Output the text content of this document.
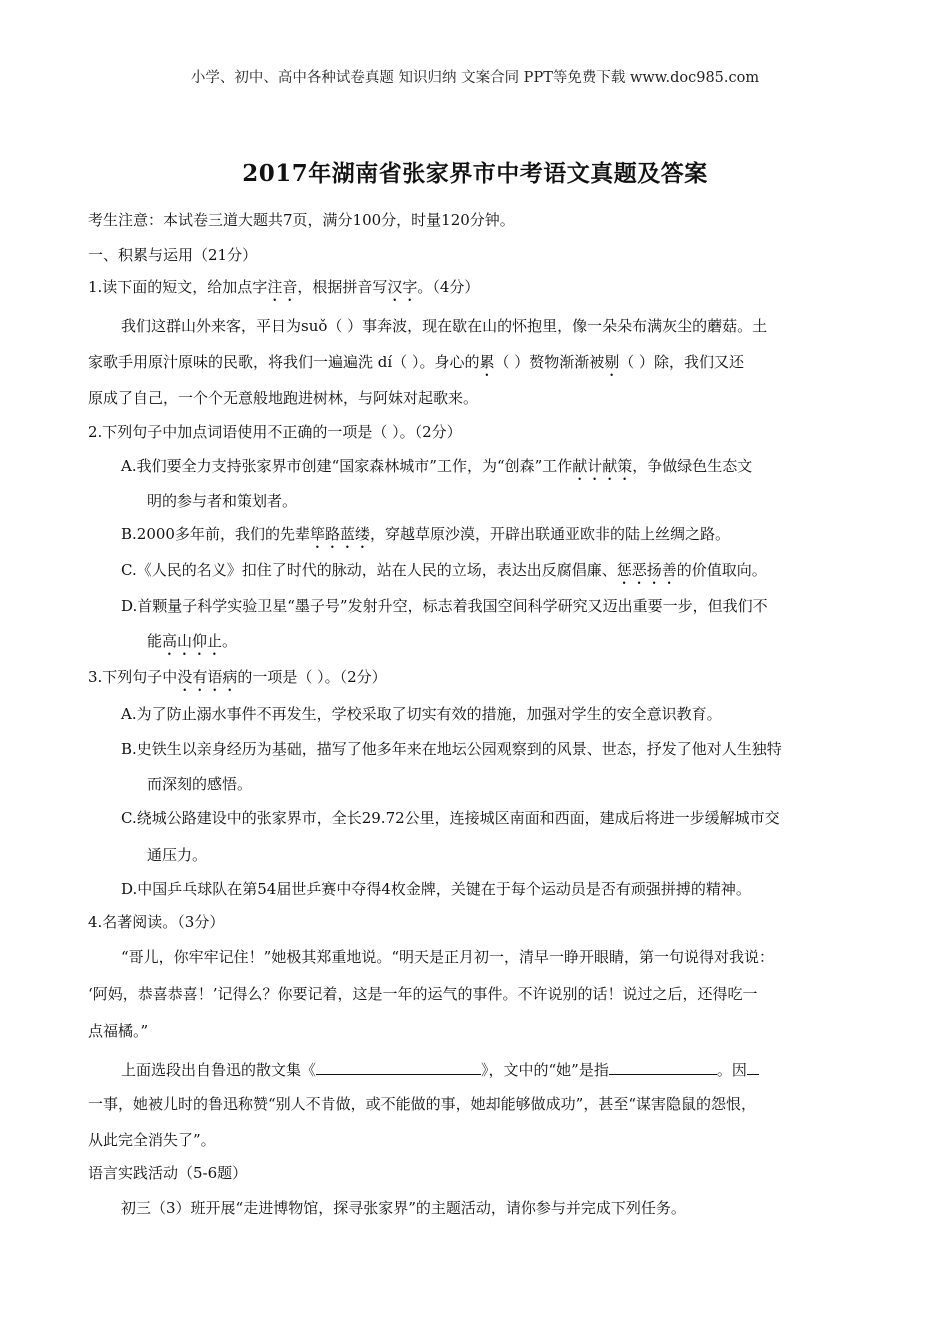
小学、初中、高中各种试卷真题 知识归纳 文案合同 PPT等免费下载 www.doc985.com
2017年湖南省张家界市中考语文真题及答案
考生注意：本试卷三道大题共7页，满分100分，时量120分钟。
一、积累与运用（21分）
1.读下面的短文，给加点字注音，根据拼音写汉字。（4分）
我们这群山外来客，平日为suǒ（ ）事奔波，现在歇在山的怀抱里，像一朵朵布满灰尘的蘑菇。土
家歌手用原汁原味的民歌，将我们一遍遍洗 dí（ ）。身心的累（ ）赘物渐渐被剔（ ）除，我们又还
原成了自己，一个个无意般地跑进树林，与阿妹对起歌来。
2.下列句子中加点词语使用不正确的一项是（ ）。（2分）
A.我们要全力支持张家界市创建“国家森林城市”工作，为“创森”工作献计献策，争做绿色生态文
明的参与者和策划者。
B.2000多年前，我们的先辈筚路蓝缕，穿越草原沙漠，开辟出联通亚欧非的陆上丝绸之路。
C.《人民的名义》扣住了时代的脉动，站在人民的立场，表达出反腐倡廉、惩恶扬善的价值取向。
D.首颗量子科学实验卫星“墨子号”发射升空，标志着我国空间科学研究又迈出重要一步，但我们不
能高山仰止。
3.下列句子中没有语病的一项是（ ）。（2分）
A.为了防止溺水事件不再发生，学校采取了切实有效的措施，加强对学生的安全意识教育。
B.史铁生以亲身经历为基础，描写了他多年来在地坛公园观察到的风景、世态，抒发了他对人生独特
而深刻的感悟。
C.绕城公路建设中的张家界市，全长29.72公里，连接城区南面和西面，建成后将进一步缓解城市交
通压力。
D.中国乒乓球队在第54届世乒赛中夺得4枚金牌，关键在于每个运动员是否有顽强拼搏的精神。
4.名著阅读。（3分）
“哥儿，你牢牢记住！”她极其郑重地说。“明天是正月初一，清早一睁开眼睛，第一句说得对我说：
‘阿妈，恭喜恭喜！’记得么？你要记着，这是一年的运气的事件。不许说别的话！说过之后，还得吃一
点福橘。”
上面选段出自鲁迅的散文集《	》，文中的“她”是指	。因
一事，她被儿时的鲁迅称赞“别人不肯做，或不能做的事，她却能够做成功”，甚至“谋害隐鼠的怨恨，
从此完全消失了”。
语言实践活动（5-6题）
初三（3）班开展“走进博物馆，探寻张家界”的主题活动，请你参与并完成下列任务。
